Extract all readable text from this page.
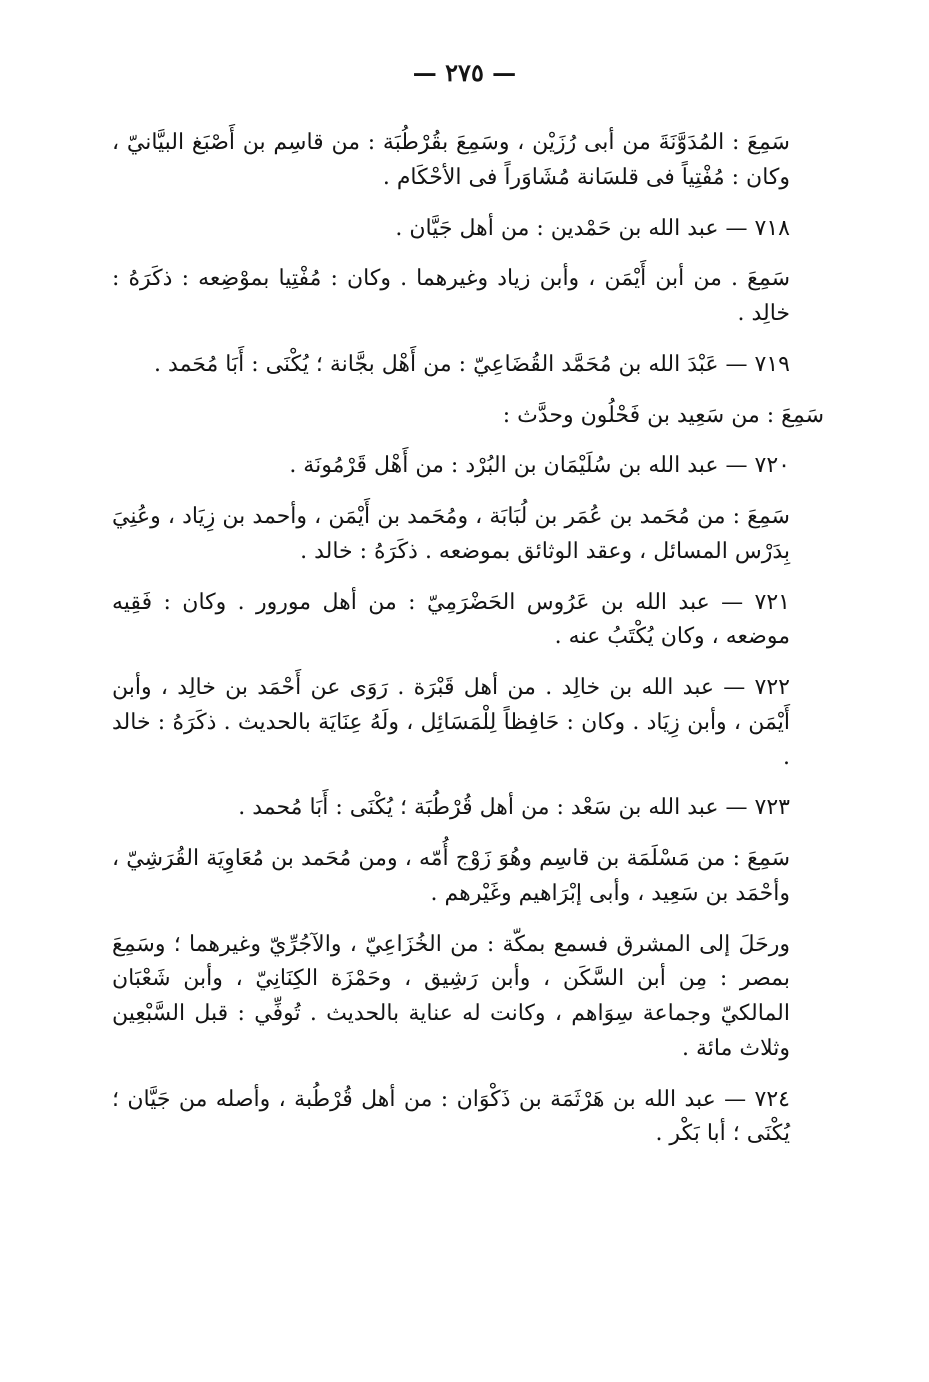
— ٢٧٥ —

سَمِعَ : المُدَوَّنَةَ من أبى رُزَيْن ، وسَمِعَ بقُرْطُبَة : من قاسِم بن أَصْبَغ البيَّانيّ ، وكان : مُفْتِياً فى قلسَانة مُشَاوَراً فى الأحْكَام .

٧١٨ — عبد الله بن حَمْدين : من أهل جَيَّان .

سَمِعَ . من أبن أَيْمَن ، وأبن زياد وغيرهما . وكان : مُفْتِيا بموْضِعه : ذكَرَهُ : خالِد .

٧١٩ — عَبْدَ الله بن مُحَمَّد القُضَاعِيّ : من أَهْل بجَّانة ؛ يُكْنَى : أَبَا مُحَمد .

سَمِعَ : من سَعِيد بن فَحْلُون وحدَّث :

٧٢٠ — عبد الله بن سُلَيْمَان بن البُرْد : من أَهْل قَرْمُونَة .

سَمِعَ : من مُحَمد بن عُمَر بن لُبَابَة ، ومُحَمد بن أَيْمَن ، وأحمد بن زِيَاد ، وعُنِيَ بِدَرْس المسائل ، وعقد الوثائق بموضعه . ذكَرَهُ : خالد .

٧٢١ — عبد الله بن عَرُوس الحَضْرَمِيّ : من أهل مورور . وكان : فَقِيه موضعه ، وكان يُكْتَبُ عنه .

٧٢٢ — عبد الله بن خالِد . من أهل قَبْرَة . رَوَى عن أَحْمَد بن خالِد ، وأبن أَيْمَن ، وأبن زِيَاد . وكان : حَافِظاً لِلْمَسَائِل ، ولَهُ عِنَايَة بالحديث . ذكَرَهُ : خالد .

٧٢٣ — عبد الله بن سَعْد : من أهل قُرْطُبَة ؛ يُكْنَى : أَبَا مُحمد .

سَمِعَ : من مَسْلَمَة بن قاسِم وهُوَ زَوْج أُمّه ، ومن مُحَمد بن مُعَاوِيَة القُرَشِيّ ، وأحْمَد بن سَعِيد ، وأبى إبْرَاهيم وغَيْرهم .

ورحَلَ إلى المشرق فسمع بمكّة : من الخُزَاعِيّ ، والآجُرِّيّ وغيرهما ؛ وسَمِعَ بمصر : مِن أبن السَّكَن ، وأبن رَشِيق ، وحَمْزَة الكِنَانِيّ ، وأبن شَعْبَان المالكيّ وجماعة سِوَاهم ، وكانت له عناية بالحديث . تُوفِّي : قبل السَّبْعِين وثلاث مائة .

٧٢٤ — عبد الله بن هَرْثَمَة بن ذَكْوَان : من أهل قُرْطُبة ، وأصله من جَيَّان ؛ يُكْنَى ؛ أبا بَكْر .
